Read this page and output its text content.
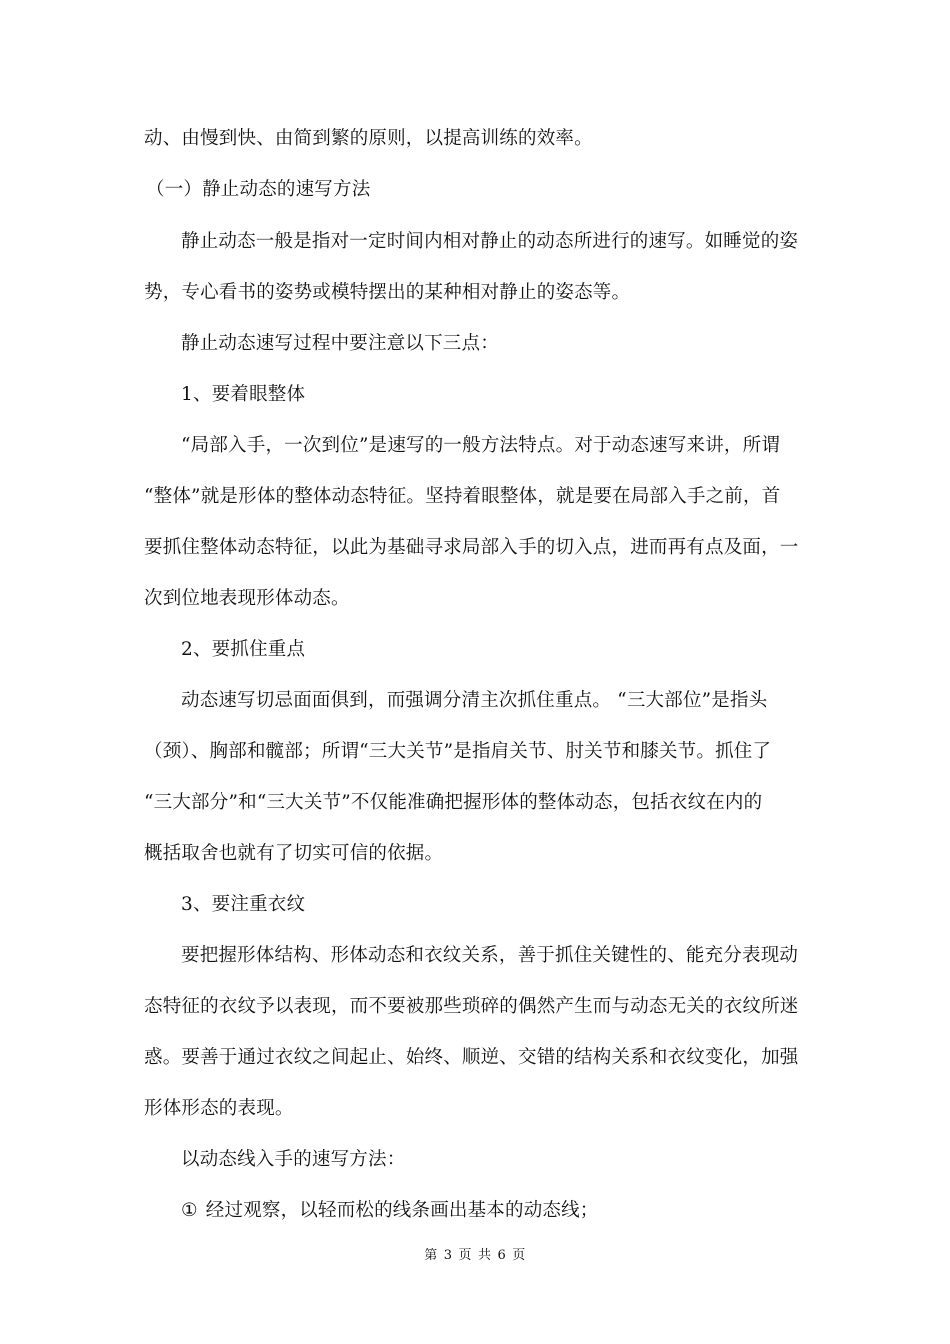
动、由慢到快、由简到繁的原则，以提高训练的效率。
（一）静止动态的速写方法
静止动态一般是指对一定时间内相对静止的动态所进行的速写。如睡觉的姿
势，专心看书的姿势或模特摆出的某种相对静止的姿态等。
静止动态速写过程中要注意以下三点：
1、要着眼整体
“局部入手，一次到位”是速写的一般方法特点。对于动态速写来讲，所谓
“整体”就是形体的整体动态特征。坚持着眼整体，就是要在局部入手之前，首
要抓住整体动态特征，以此为基础寻求局部入手的切入点，进而再有点及面，一
次到位地表现形体动态。
2、要抓住重点
动态速写切忌面面俱到，而强调分清主次抓住重点。 “三大部位”是指头
（颈）、胸部和髋部；所谓“三大关节”是指肩关节、肘关节和膝关节。抓住了
“三大部分”和“三大关节”不仅能准确把握形体的整体动态，包括衣纹在内的
概括取舍也就有了切实可信的依据。
3、要注重衣纹
要把握形体结构、形体动态和衣纹关系，善于抓住关键性的、能充分表现动
态特征的衣纹予以表现，而不要被那些琐碎的偶然产生而与动态无关的衣纹所迷
惑。要善于通过衣纹之间起止、始终、顺逆、交错的结构关系和衣纹变化，加强
形体形态的表现。
以动态线入手的速写方法：
① 经过观察，以轻而松的线条画出基本的动态线；
第 3 页 共 6 页
